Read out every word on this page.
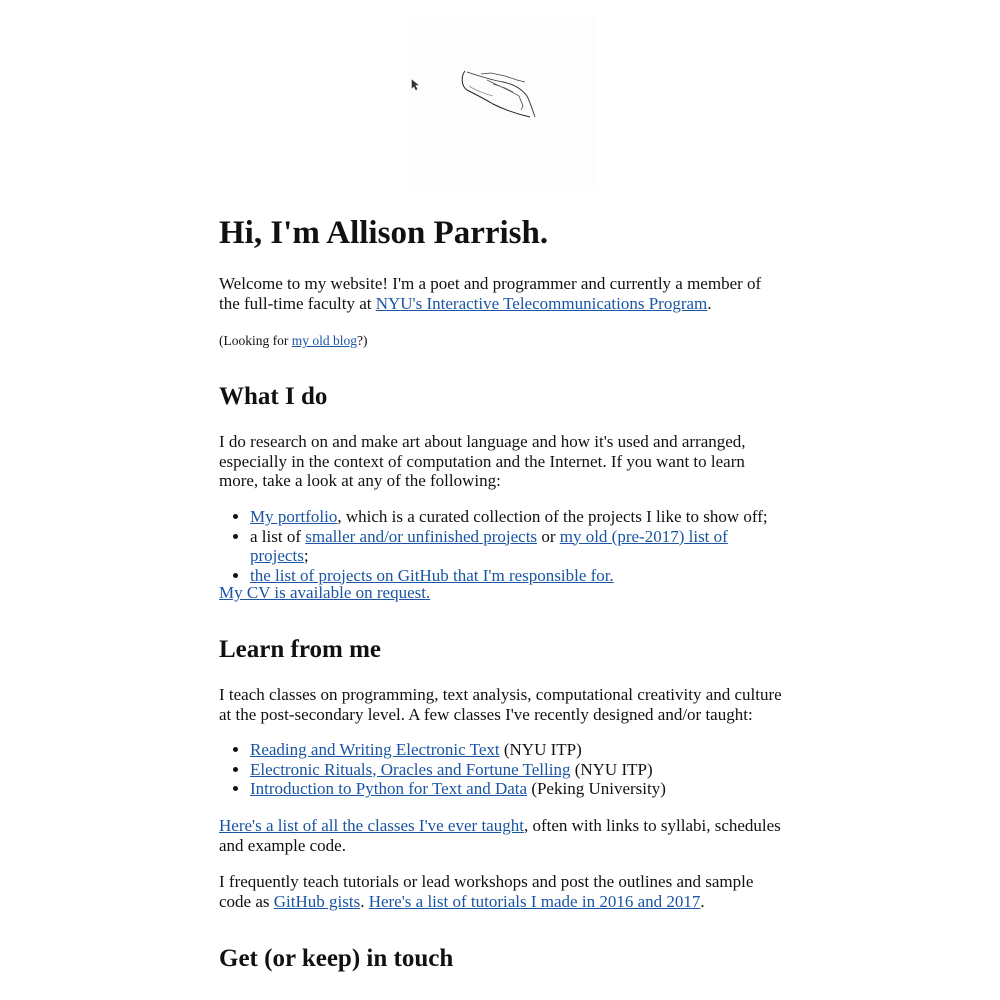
Hi, I'm Allison Parrish.

Welcome to my website! I'm a poet and programmer and currently a member of the full-time faculty at NYU's Interactive Telecommunications Program.

(Looking for my old blog?)

What I do

I do research on and make art about language and how it's used and arranged, especially in the context of computation and the Internet. If you want to learn more, take a look at any of the following:

• My portfolio, which is a curated collection of the projects I like to show off;
• a list of smaller and/or unfinished projects or my old (pre-2017) list of projects;
• the list of projects on GitHub that I'm responsible for.

My CV is available on request.

Learn from me

I teach classes on programming, text analysis, computational creativity and culture at the post-secondary level. A few classes I've recently designed and/or taught:

• Reading and Writing Electronic Text (NYU ITP)
• Electronic Rituals, Oracles and Fortune Telling (NYU ITP)
• Introduction to Python for Text and Data (Peking University)

Here's a list of all the classes I've ever taught, often with links to syllabi, schedules and example code.

I frequently teach tutorials or lead workshops and post the outlines and sample code as GitHub gists. Here's a list of tutorials I made in 2016 and 2017.

Get (or keep) in touch
